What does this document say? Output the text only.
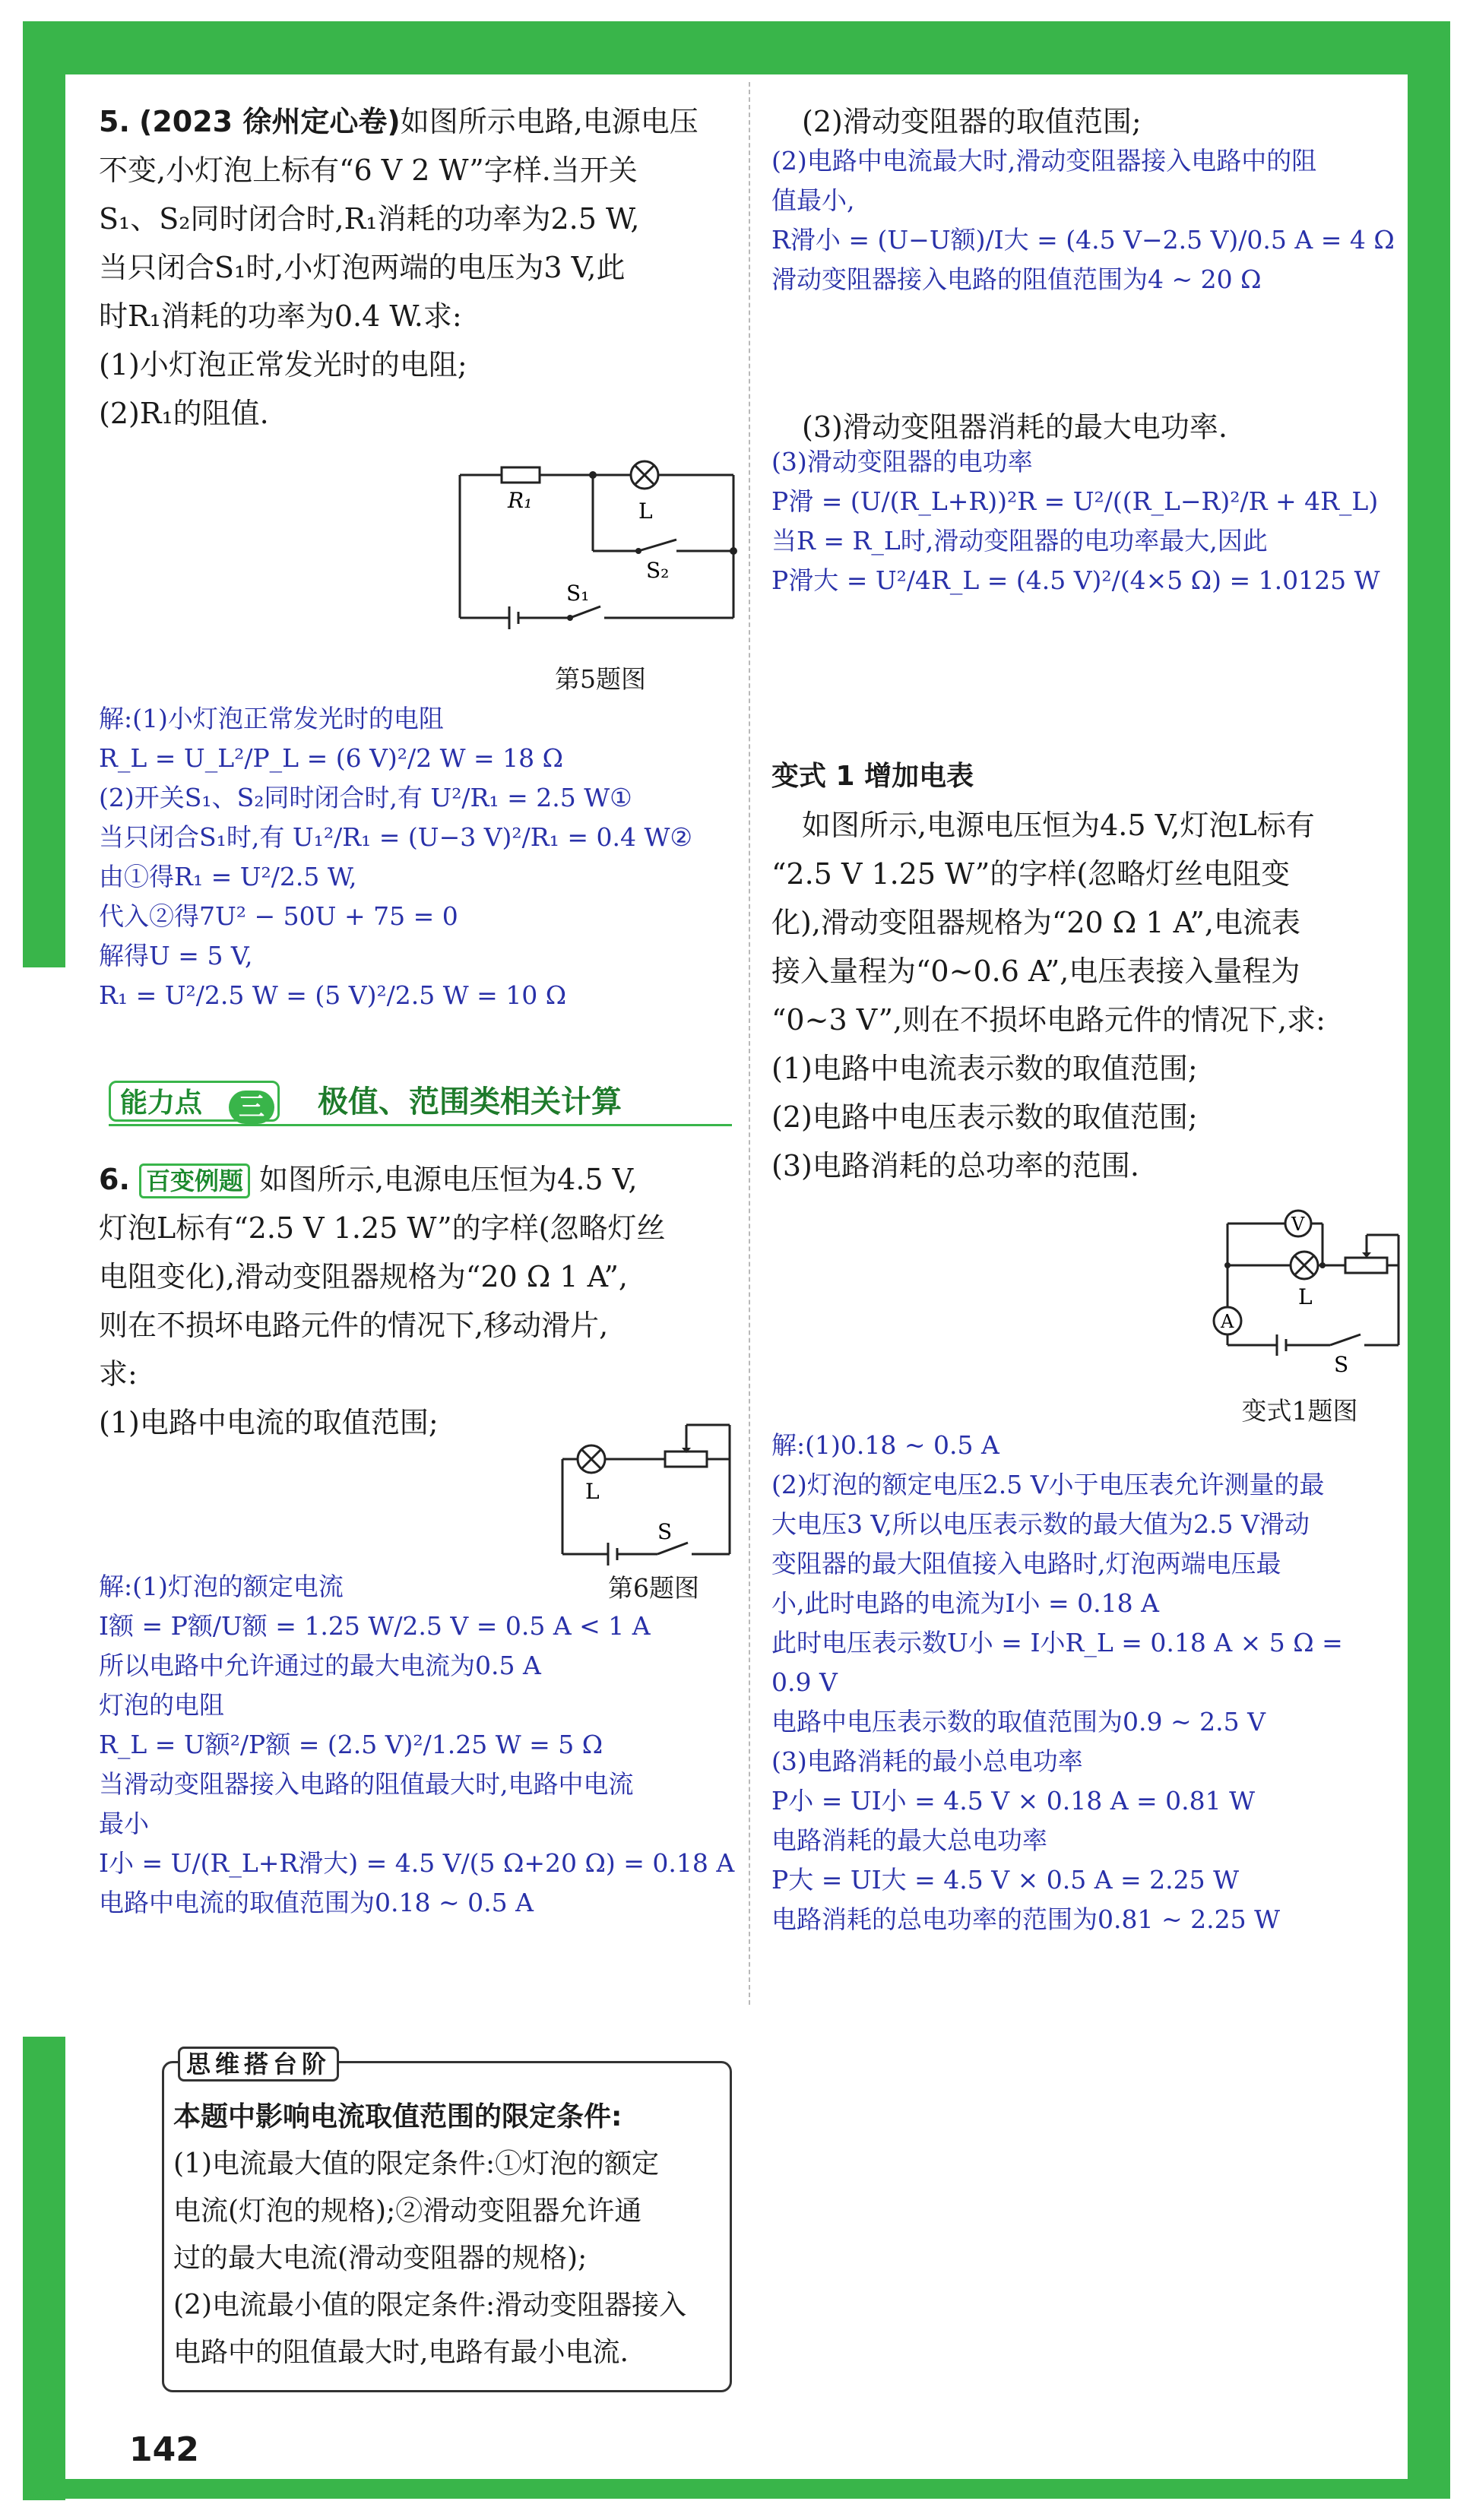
5. (2023 徐州定心卷)如图所示电路,电源电压

不变,小灯泡上标有“6 V 2 W”字样.当开关

S₁、S₂同时闭合时,R₁消耗的功率为2.5 W,

当只闭合S₁时,小灯泡两端的电压为3 V,此

时R₁消耗的功率为0.4 W.求:

(1)小灯泡正常发光时的电阻;

(2)R₁的阻值.

R₁	L
S₂
S₁
第5题图

解:(1)小灯泡正常发光时的电阻

R_L = U_L²/P_L = (6 V)²/2 W = 18 Ω

(2)开关S₁、S₂同时闭合时,有 U²/R₁ = 2.5 W①

当只闭合S₁时,有 U₁²/R₁ = (U−3 V)²/R₁ = 0.4 W②

由①得R₁ = U²/2.5 W,

代入②得7U² − 50U + 75 = 0

解得U = 5 V,

R₁ = U²/2.5 W = (5 V)²/2.5 W = 10 Ω

能力点	三	极值、范围类相关计算

6. 百变例题 如图所示,电源电压恒为4.5 V,

灯泡L标有“2.5 V 1.25 W”的字样(忽略灯丝

电阻变化),滑动变阻器规格为“20 Ω 1 A”,

则在不损坏电路元件的情况下,移动滑片,

求:

(1)电路中电流的取值范围;

L
S
第6题图

解:(1)灯泡的额定电流

I额 = P额/U额 = 1.25 W/2.5 V = 0.5 A < 1 A

所以电路中允许通过的最大电流为0.5 A

灯泡的电阻

R_L = U额²/P额 = (2.5 V)²/1.25 W = 5 Ω

当滑动变阻器接入电路的阻值最大时,电路中电流

最小

I小 = U/(R_L+R滑大) = 4.5 V/(5 Ω+20 Ω) = 0.18 A

电路中电流的取值范围为0.18 ~ 0.5 A

思维搭台阶

本题中影响电流取值范围的限定条件:

(1)电流最大值的限定条件:①灯泡的额定

电流(灯泡的规格);②滑动变阻器允许通

过的最大电流(滑动变阻器的规格);

(2)电流最小值的限定条件:滑动变阻器接入

电路中的阻值最大时,电路有最小电流.

142

(2)滑动变阻器的取值范围;

(2)电路中电流最大时,滑动变阻器接入电路中的阻

值最小,

R滑小 = (U−U额)/I大 = (4.5 V−2.5 V)/0.5 A = 4 Ω

滑动变阻器接入电路的阻值范围为4 ~ 20 Ω

(3)滑动变阻器消耗的最大电功率.

(3)滑动变阻器的电功率

P滑 = (U/(R_L+R))²R = U²/((R_L−R)²/R + 4R_L)

当R = R_L时,滑动变阻器的电功率最大,因此

P滑大 = U²/4R_L = (4.5 V)²/(4×5 Ω) = 1.0125 W

变式 1 增加电表

如图所示,电源电压恒为4.5 V,灯泡L标有

“2.5 V 1.25 W”的字样(忽略灯丝电阻变

化),滑动变阻器规格为“20 Ω 1 A”,电流表

接入量程为“0~0.6 A”,电压表接入量程为

“0~3 V”,则在不损坏电路元件的情况下,求:

(1)电路中电流表示数的取值范围;

(2)电路中电压表示数的取值范围;

(3)电路消耗的总功率的范围.

V
A
L
S
变式1题图

解:(1)0.18 ~ 0.5 A

(2)灯泡的额定电压2.5 V小于电压表允许测量的最

大电压3 V,所以电压表示数的最大值为2.5 V滑动

变阻器的最大阻值接入电路时,灯泡两端电压最

小,此时电路的电流为I小 = 0.18 A

此时电压表示数U小 = I小R_L = 0.18 A × 5 Ω =

0.9 V

电路中电压表示数的取值范围为0.9 ~ 2.5 V

(3)电路消耗的最小总电功率

P小 = UI小 = 4.5 V × 0.18 A = 0.81 W

电路消耗的最大总电功率

P大 = UI大 = 4.5 V × 0.5 A = 2.25 W

电路消耗的总电功率的范围为0.81 ~ 2.25 W
